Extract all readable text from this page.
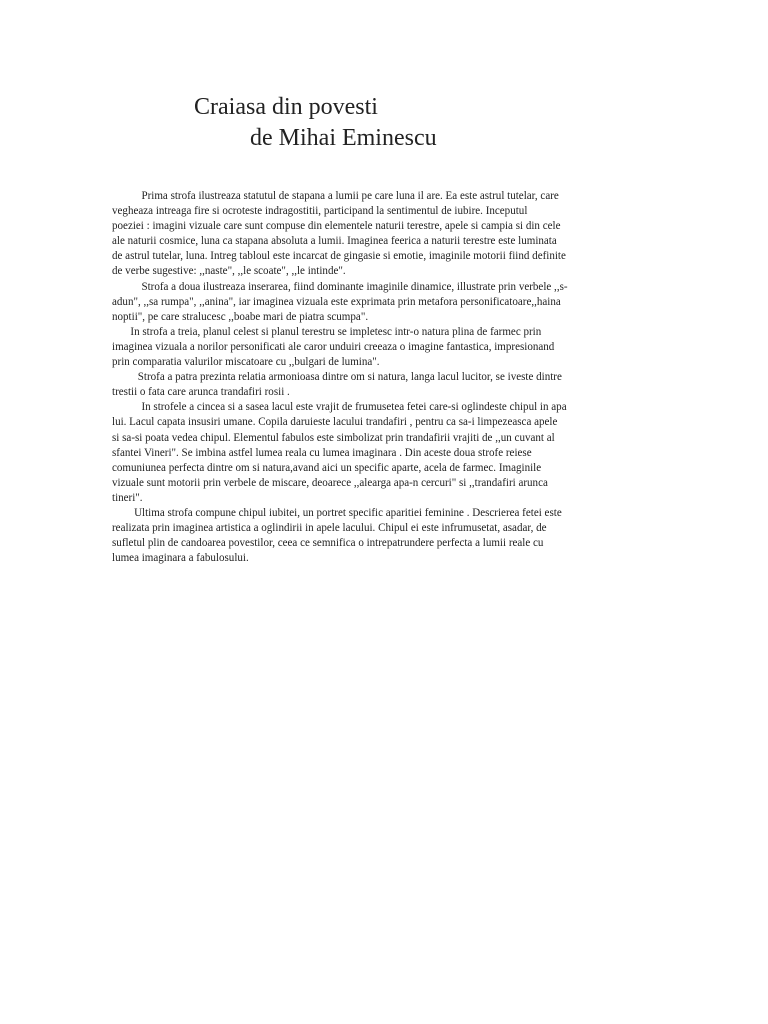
Craiasa din povesti
de Mihai Eminescu
Prima strofa ilustreaza statutul de stapana a lumii pe care luna il are. Ea este astrul tutelar, care
vegheaza intreaga fire si ocroteste indragostitii, participand la sentimentul de iubire. Inceputul
poeziei : imagini vizuale care sunt compuse din elementele naturii terestre, apele si campia si din cele
ale naturii cosmice, luna ca stapana absoluta a lumii. Imaginea feerica a naturii terestre este luminata
de astrul tutelar, luna. Intreg tabloul este incarcat de gingasie si emotie, imaginile motorii fiind definite
de verbe sugestive: ,,naste", ,,le scoate", ,,le intinde".
Strofa a doua ilustreaza inserarea, fiind dominante imaginile dinamice, illustrate prin verbele ,,s-
adun", ,,sa rumpa", ,,anina", iar imaginea vizuala este exprimata prin metafora personificatoare,,haina
noptii", pe care stralucesc ,,boabe mari de piatra scumpa".
In strofa a treia, planul celest si planul terestru se impletesc intr-o natura plina de farmec prin
imaginea vizuala a norilor personificati ale caror unduiri creeaza o imagine fantastica, impresionand
prin comparatia valurilor miscatoare cu ,,bulgari de lumina".
Strofa a patra prezinta relatia armonioasa dintre om si natura, langa lacul lucitor, se iveste dintre
trestii o fata care arunca trandafiri rosii .
In strofele a cincea si a sasea lacul este vrajit de frumusetea fetei care-si oglindeste chipul in apa
lui. Lacul capata insusiri umane. Copila daruieste lacului trandafiri , pentru ca sa-i limpezeasca apele
si sa-si poata vedea chipul. Elementul fabulos este simbolizat prin trandafirii vrajiti de ,,un cuvant al
sfantei Vineri". Se imbina astfel lumea reala cu lumea imaginara . Din aceste doua strofe reiese
comuniunea perfecta dintre om si natura,avand aici un specific aparte, acela de farmec. Imaginile
vizuale sunt motorii prin verbele de miscare, deoarece ,,alearga apa-n cercuri" si ,,trandafiri arunca
tineri".
Ultima strofa compune chipul iubitei, un portret specific aparitiei feminine . Descrierea fetei este
realizata prin imaginea artistica a oglindirii in apele lacului. Chipul ei este infrumusetat, asadar, de
sufletul plin de candoarea povestilor, ceea ce semnifica o intrepatrundere perfecta a lumii reale cu
lumea imaginara a fabulosului.
